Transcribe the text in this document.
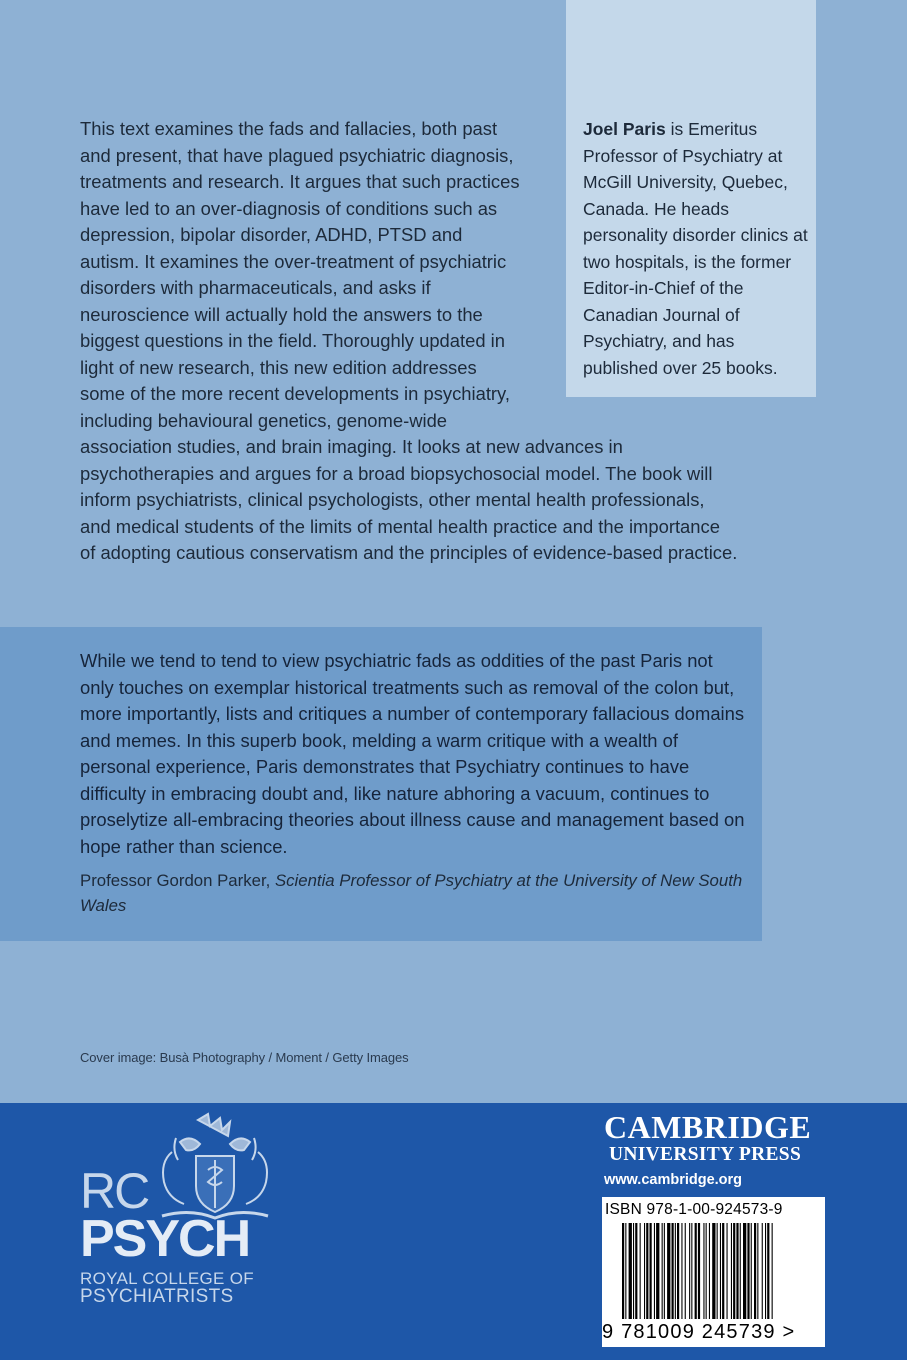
Joel Paris is Emeritus Professor of Psychiatry at McGill University, Quebec, Canada. He heads personality disorder clinics at two hospitals, is the former Editor-in-Chief of the Canadian Journal of Psychiatry, and has published over 25 books.

This text examines the fads and fallacies, both past and present, that have plagued psychiatric diagnosis, treatments and research. It argues that such practices have led to an over-diagnosis of conditions such as depression, bipolar disorder, ADHD, PTSD and autism. It examines the over-treatment of psychiatric disorders with pharmaceuticals, and asks if neuroscience will actually hold the answers to the biggest questions in the field. Thoroughly updated in light of new research, this new edition addresses some of the more recent developments in psychiatry, including behavioural genetics, genome-wide association studies, and brain imaging. It looks at new advances in psychotherapies and argues for a broad biopsychosocial model. The book will inform psychiatrists, clinical psychologists, other mental health professionals, and medical students of the limits of mental health practice and the importance of adopting cautious conservatism and the principles of evidence-based practice.

While we tend to tend to view psychiatric fads as oddities of the past Paris not only touches on exemplar historical treatments such as removal of the colon but, more importantly, lists and critiques a number of contemporary fallacious domains and memes. In this superb book, melding a warm critique with a wealth of personal experience, Paris demonstrates that Psychiatry continues to have difficulty in embracing doubt and, like nature abhoring a vacuum, continues to proselytize all-embracing theories about illness cause and management based on hope rather than science.

Professor Gordon Parker, Scientia Professor of Psychiatry at the University of New South Wales

Cover image: Busà Photography / Moment / Getty Images
RC
PSYCH
ROYAL COLLEGE OF
PSYCHIATRISTS
CAMBRIDGE
UNIVERSITY PRESS
www.cambridge.org
ISBN 978-1-00-924573-9
9 781009 245739 >
